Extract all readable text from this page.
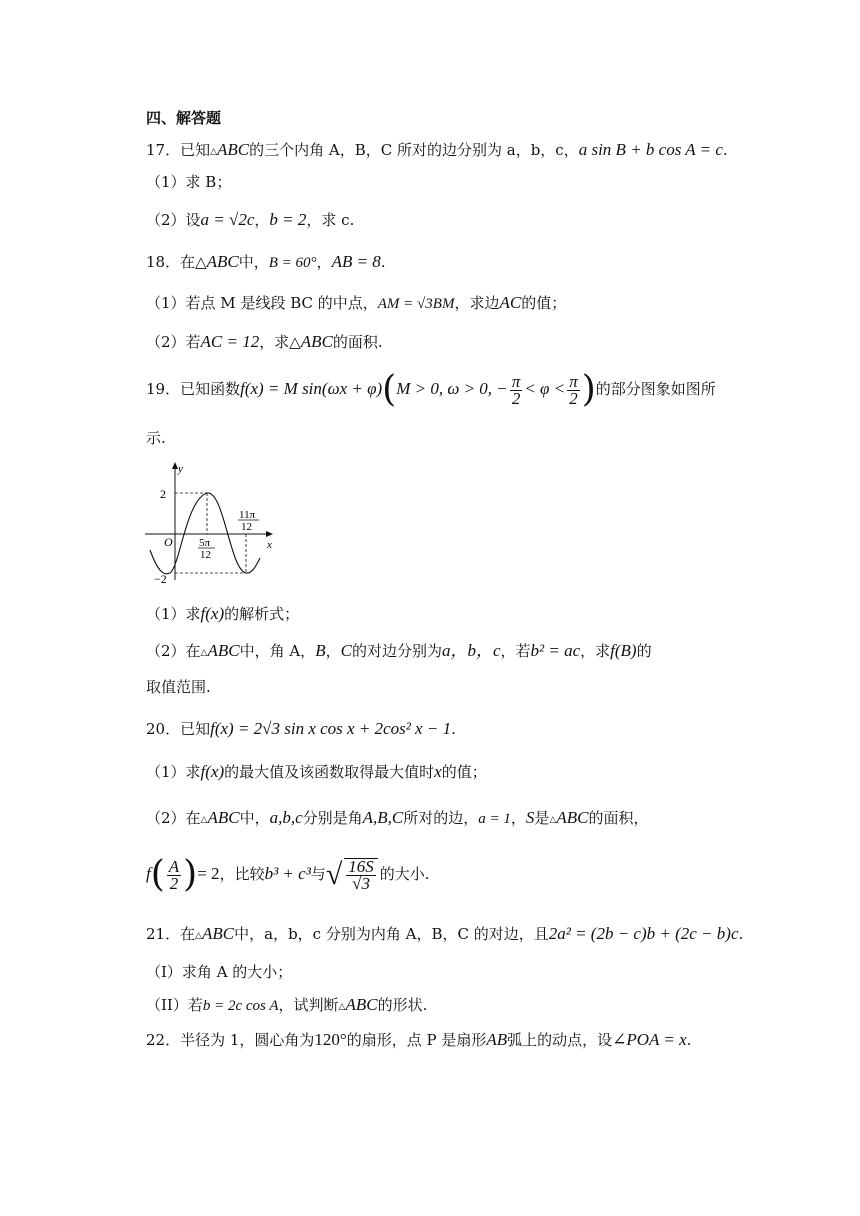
四、解答题
17．已知△ABC的三个内角 A，B，C 所对的边分别为 a，b，c，a sin B + b cos A = c.
（1）求 B；
（2）设a = √2c，b = 2，求 c.
18．在△ABC中，B = 60°，AB = 8.
（1）若点 M 是线段 BC 的中点，AM = √3BM，求边AC的值；
（2）若AC = 12，求△ABC的面积.
19．已知函数f(x) = M sin(ωx + φ)(M > 0, ω > 0, − $\frac{\pi}{2} < \varphi < \frac{\pi}{2}$ )的部分图象如图所
示.
y
x
O
2
−2
5π
12
11π
12
（1）求f(x)的解析式；
（2）在△ABC中，角 A，B，C的对边分别为a，b，c，若b² = ac，求f(B)的
取值范围.
20．已知f(x) = 2√3 sin x cos x + 2cos² x − 1.
（1）求f(x)的最大值及该函数取得最大值时x的值；
（2）在△ABC中，a,b,c分别是角A,B,C所对的边，a = 1，S是△ABC的面积，
$f( \frac{A}{2}$ )= 2，比较b³ + c³与√ $\frac{16S}{√3}$ 的大小.
21．在△ABC中，a，b，c 分别为内角 A，B，C 的对边，且2a² = (2b − c)b + (2c − b)c.
（I）求角 A 的大小；
（II）若b = 2c cos A，试判断△ABC的形状.
22．半径为 1，圆心角为120°的扇形，点 P 是扇形AB弧上的动点，设∠POA = x.
